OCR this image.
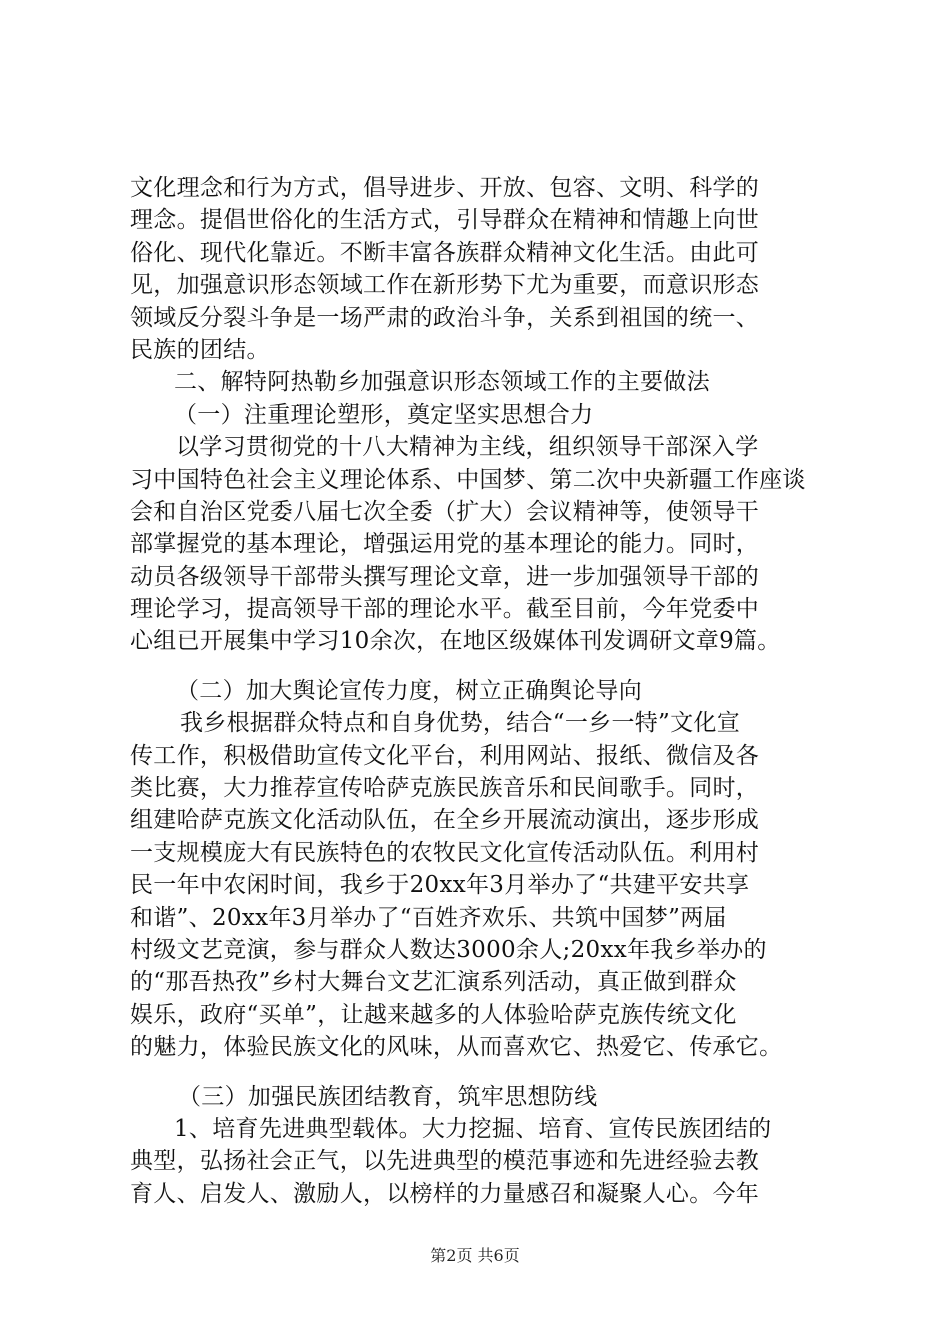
文化理念和行为方式，倡导进步、开放、包容、文明、科学的
理念。提倡世俗化的生活方式，引导群众在精神和情趣上向世
俗化、现代化靠近。不断丰富各族群众精神文化生活。由此可
见，加强意识形态领域工作在新形势下尤为重要，而意识形态
领域反分裂斗争是一场严肃的政治斗争，关系到祖国的统一、
民族的团结。
二、解特阿热勒乡加强意识形态领域工作的主要做法
（一）注重理论塑形，奠定坚实思想合力
以学习贯彻党的十八大精神为主线，组织领导干部深入学
习中国特色社会主义理论体系、中国梦、第二次中央新疆工作座谈
会和自治区党委八届七次全委（扩大）会议精神等，使领导干
部掌握党的基本理论，增强运用党的基本理论的能力。同时，
动员各级领导干部带头撰写理论文章，进一步加强领导干部的
理论学习，提高领导干部的理论水平。截至目前，今年党委中
心组已开展集中学习10余次，在地区级媒体刊发调研文章9篇。
（二）加大舆论宣传力度，树立正确舆论导向
我乡根据群众特点和自身优势，结合“一乡一特”文化宣
传工作，积极借助宣传文化平台，利用网站、报纸、微信及各
类比赛，大力推荐宣传哈萨克族民族音乐和民间歌手。同时，
组建哈萨克族文化活动队伍，在全乡开展流动演出，逐步形成
一支规模庞大有民族特色的农牧民文化宣传活动队伍。利用村
民一年中农闲时间，我乡于20xx年3月举办了“共建平安共享
和谐”、20xx年3月举办了“百姓齐欢乐、共筑中国梦”两届
村级文艺竞演，参与群众人数达3000余人;20xx年我乡举办的
的“那吾热孜”乡村大舞台文艺汇演系列活动，真正做到群众
娱乐，政府“买单”，让越来越多的人体验哈萨克族传统文化
的魅力，体验民族文化的风味，从而喜欢它、热爱它、传承它。
（三）加强民族团结教育，筑牢思想防线
1、培育先进典型载体。大力挖掘、培育、宣传民族团结的
典型，弘扬社会正气，以先进典型的模范事迹和先进经验去教
育人、启发人、激励人，以榜样的力量感召和凝聚人心。今年
第2页 共6页
